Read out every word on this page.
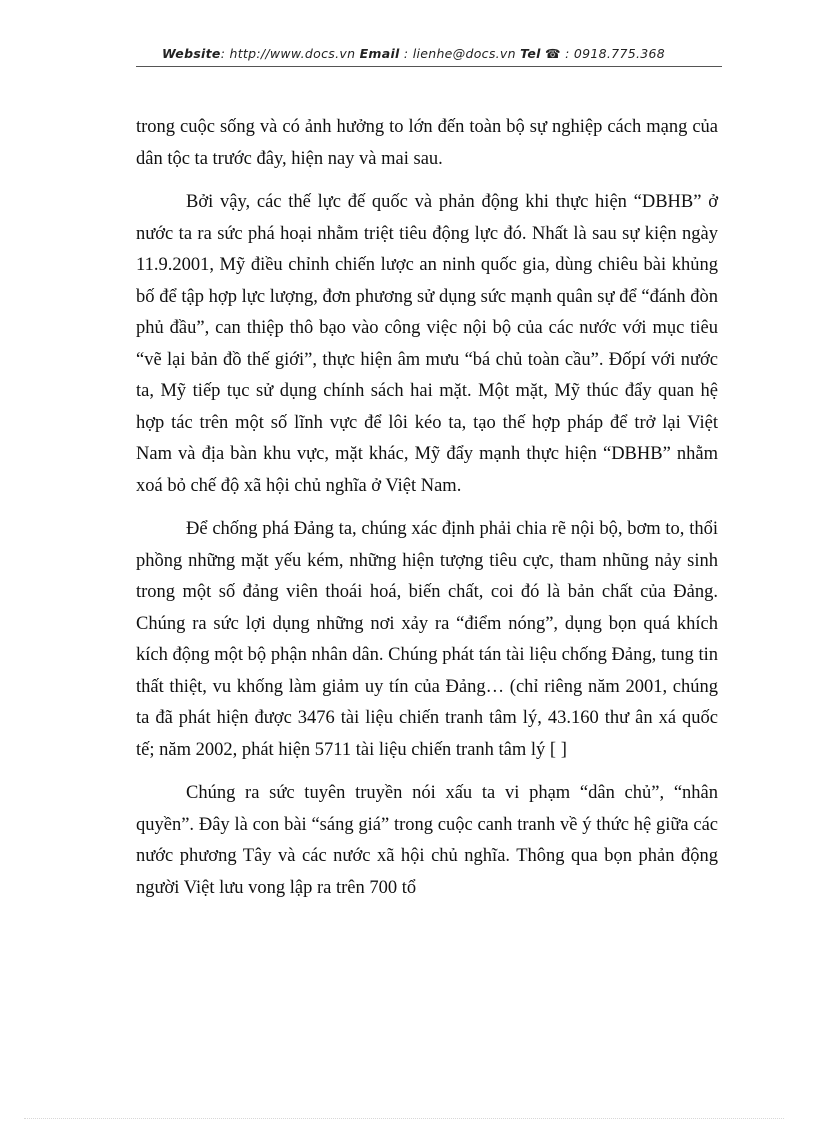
Website: http://www.docs.vn Email : lienhe@docs.vn Tel ☎ : 0918.775.368

trong cuộc sống và có ảnh hưởng to lớn đến toàn bộ sự nghiệp cách mạng của dân tộc ta trước đây, hiện nay và mai sau.

Bởi vậy, các thế lực đế quốc và phản động khi thực hiện “DBHB” ở nước ta ra sức phá hoại nhằm triệt tiêu động lực đó. Nhất là sau sự kiện ngày 11.9.2001, Mỹ điều chỉnh chiến lược an ninh quốc gia, dùng chiêu bài khủng bố để tập hợp lực lượng, đơn phương sử dụng sức mạnh quân sự để “đánh đòn phủ đầu”, can thiệp thô bạo vào công việc nội bộ của các nước với mục tiêu “vẽ lại bản đồ thế giới”, thực hiện âm mưu “bá chủ toàn cầu”. Đốpí với nước ta, Mỹ tiếp tục sử dụng chính sách hai mặt. Một mặt, Mỹ thúc đẩy quan hệ hợp tác trên một số lĩnh vực để lôi kéo ta, tạo thế hợp pháp để trở lại Việt Nam và địa bàn khu vực, mặt khác, Mỹ đẩy mạnh thực hiện “DBHB” nhằm xoá bỏ chế độ xã hội chủ nghĩa ở Việt Nam.

Để chống phá Đảng ta, chúng xác định phải chia rẽ nội bộ, bơm to, thổi phồng những mặt yếu kém, những hiện tượng tiêu cực, tham nhũng nảy sinh trong một số đảng viên thoái hoá, biến chất, coi đó là bản chất của Đảng. Chúng ra sức lợi dụng những nơi xảy ra “điểm nóng”, dụng bọn quá khích kích động một bộ phận nhân dân. Chúng phát tán tài liệu chống Đảng, tung tin thất thiệt, vu khống làm giảm uy tín của Đảng… (chỉ riêng năm 2001, chúng ta đã phát hiện được 3476 tài liệu chiến tranh tâm lý, 43.160 thư ân xá quốc tế; năm 2002, phát hiện 5711 tài liệu chiến tranh tâm lý [ ]

Chúng ra sức tuyên truyền nói xấu ta vi phạm “dân chủ”, “nhân quyền”. Đây là con bài “sáng giá” trong cuộc canh tranh về ý thức hệ giữa các nước phương Tây và các nước xã hội chủ nghĩa. Thông qua bọn phản động người Việt lưu vong lập ra trên 700 tổ
